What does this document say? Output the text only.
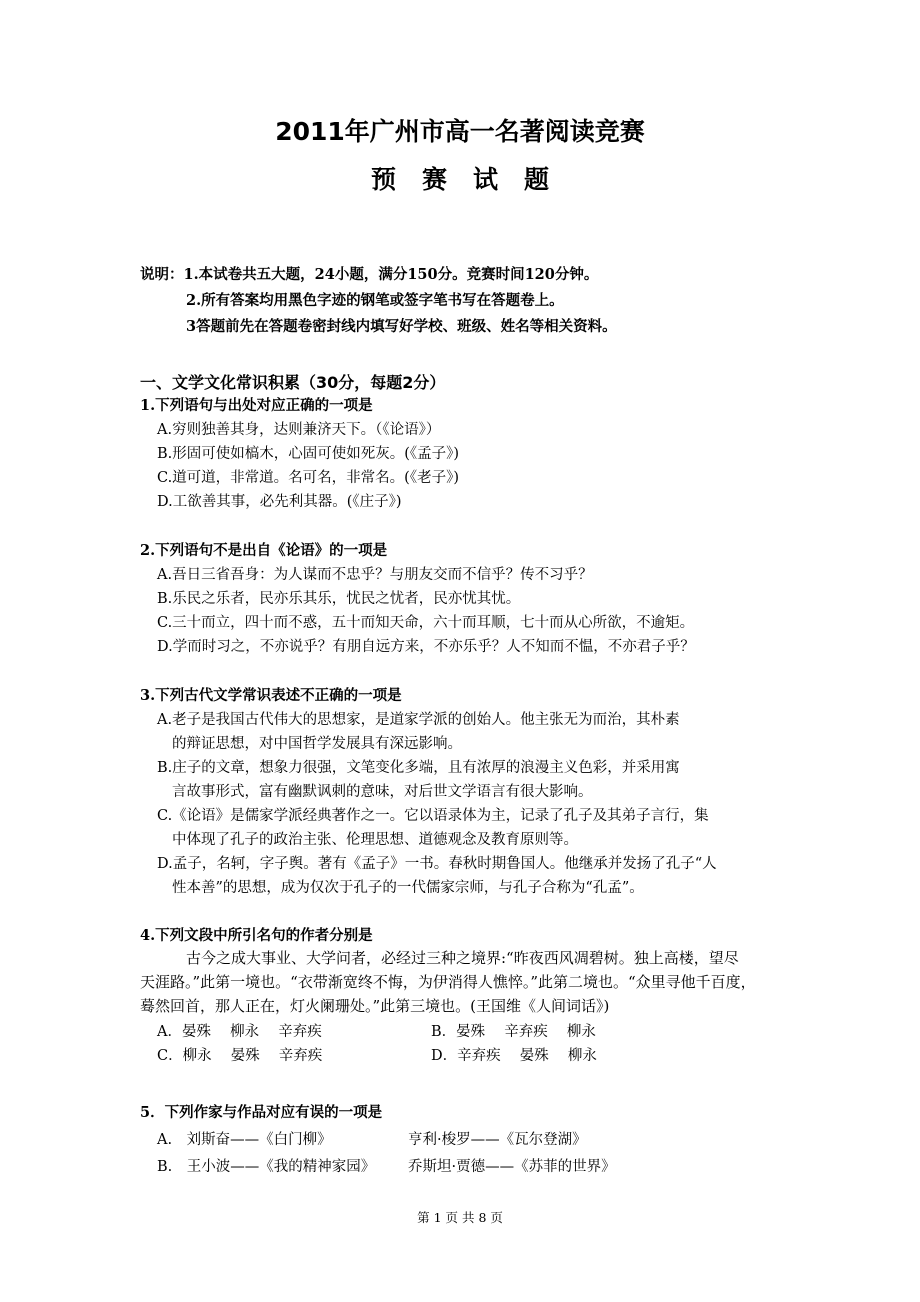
2011年广州市高一名著阅读竞赛
预赛试题
说明：1.本试卷共五大题，24小题，满分150分。竞赛时间120分钟。
2.所有答案均用黑色字迹的钢笔或签字笔书写在答题卷上。
3答题前先在答题卷密封线内填写好学校、班级、姓名等相关资料。
一、文学文化常识积累（30分，每题2分）
1.下列语句与出处对应正确的一项是
A.穷则独善其身，达则兼济天下。（《论语》）
B.形固可使如槁木，心固可使如死灰。(《孟子》)
C.道可道，非常道。名可名，非常名。(《老子》)
D.工欲善其事，必先利其器。(《庄子》)
2.下列语句不是出自《论语》的一项是
A.吾日三省吾身：为人谋而不忠乎？与朋友交而不信乎？传不习乎？
B.乐民之乐者，民亦乐其乐，忧民之忧者，民亦忧其忧。
C.三十而立，四十而不惑，五十而知天命，六十而耳顺，七十而从心所欲，不逾矩。
D.学而时习之，不亦说乎？有朋自远方来，不亦乐乎？人不知而不愠，不亦君子乎？
3.下列古代文学常识表述不正确的一项是
A.老子是我国古代伟大的思想家，是道家学派的创始人。他主张无为而治，其朴素
的辩证思想，对中国哲学发展具有深远影响。
B.庄子的文章，想象力很强，文笔变化多端，且有浓厚的浪漫主义色彩，并采用寓
言故事形式，富有幽默讽刺的意味，对后世文学语言有很大影响。
C.《论语》是儒家学派经典著作之一。它以语录体为主，记录了孔子及其弟子言行，集
中体现了孔子的政治主张、伦理思想、道德观念及教育原则等。
D.孟子，名轲，字子舆。著有《孟子》一书。春秋时期鲁国人。他继承并发扬了孔子“人
性本善”的思想，成为仅次于孔子的一代儒家宗师，与孔子合称为“孔孟”。
4.下列文段中所引名句的作者分别是
古今之成大事业、大学问者，必经过三种之境界:“昨夜西风凋碧树。独上高楼，望尽
天涯路。”此第一境也。“衣带渐宽终不悔，为伊消得人憔悴。”此第二境也。“众里寻他千百度，
蓦然回首，那人正在，灯火阑珊处。”此第三境也。(王国维《人间词话》)
A．晏殊　 柳永　 辛弃疾	B．晏殊　 辛弃疾　 柳永
C．柳永　 晏殊　 辛弃疾	D．辛弃疾　 晏殊　 柳永
5．下列作家与作品对应有误的一项是
A.　刘斯奋——《白门柳》	亨利·梭罗——《瓦尔登湖》
B.　王小波——《我的精神家园》 乔斯坦·贾德——《苏菲的世界》
第 1 页 共 8 页
